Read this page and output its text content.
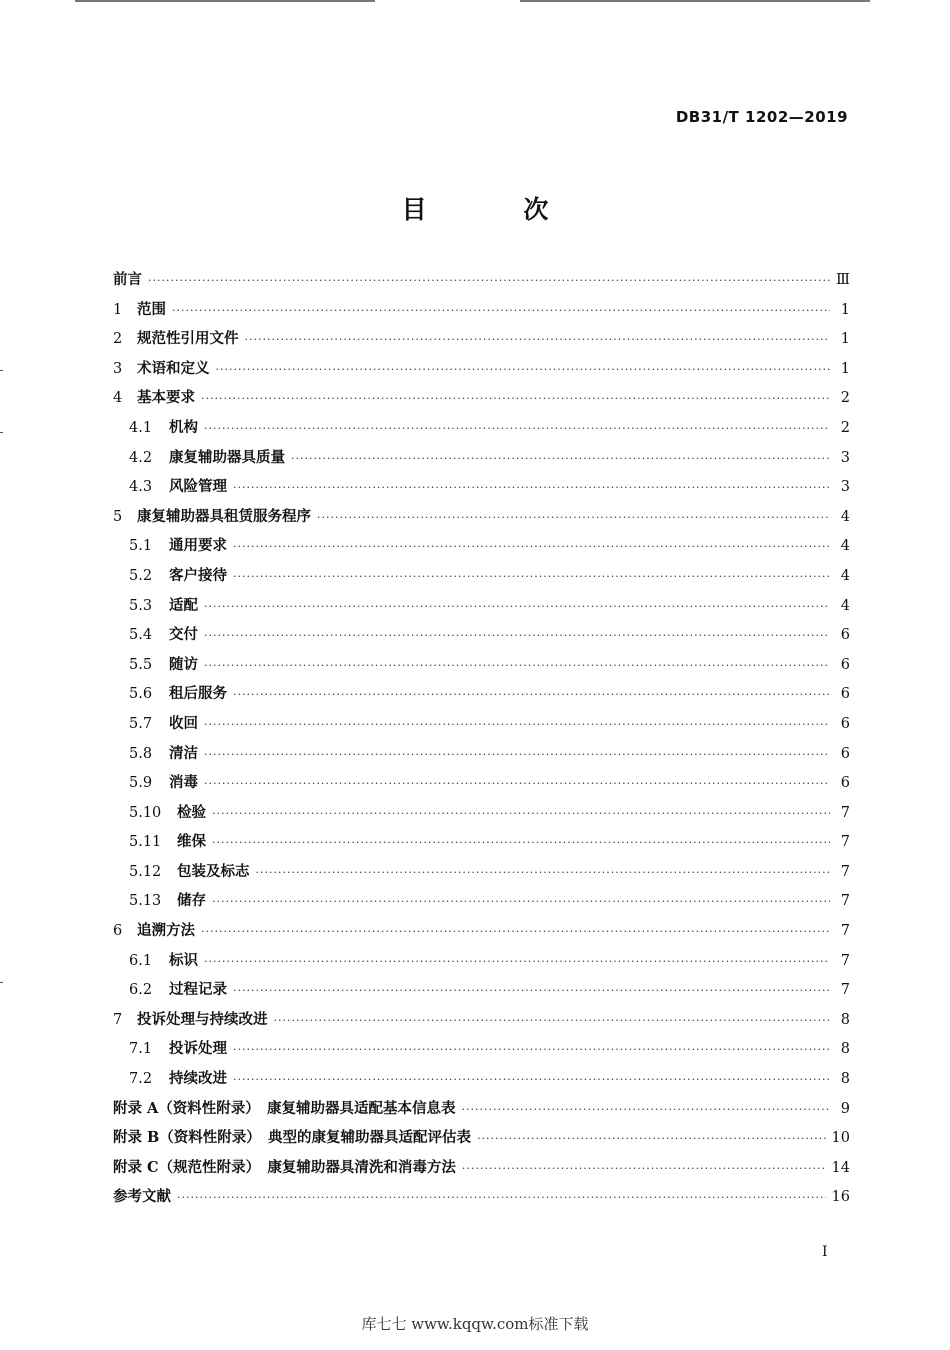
DB31/T 1202—2019
目 次
前言 ·····	Ⅲ
1	范围 ·····	1
2	规范性引用文件 ·····	1
3	术语和定义 ·····	1
4	基本要求 ·····	2
4.1	机构 ·····	2
4.2	康复辅助器具质量 ·····	3
4.3	风险管理 ·····	3
5	康复辅助器具租赁服务程序 ·····	4
5.1	通用要求 ·····	4
5.2	客户接待 ·····	4
5.3	适配 ·····	4
5.4	交付 ·····	6
5.5	随访 ·····	6
5.6	租后服务 ·····	6
5.7	收回 ·····	6
5.8	清洁 ·····	6
5.9	消毒 ·····	6
5.10	检验 ·····	7
5.11	维保 ·····	7
5.12	包装及标志 ·····	7
5.13	储存 ·····	7
6	追溯方法 ·····	7
6.1	标识 ·····	7
6.2	过程记录 ·····	7
7	投诉处理与持续改进 ·····	8
7.1	投诉处理 ·····	8
7.2	持续改进 ·····	8
附录 A（资料性附录）　康复辅助器具适配基本信息表 ·····	9
附录 B（资料性附录）　典型的康复辅助器具适配评估表 ·····	10
附录 C（规范性附录）　康复辅助器具清洗和消毒方法 ·····	14
参考文献 ·····	16
I
库七七 www.kqqw.com标准下载
